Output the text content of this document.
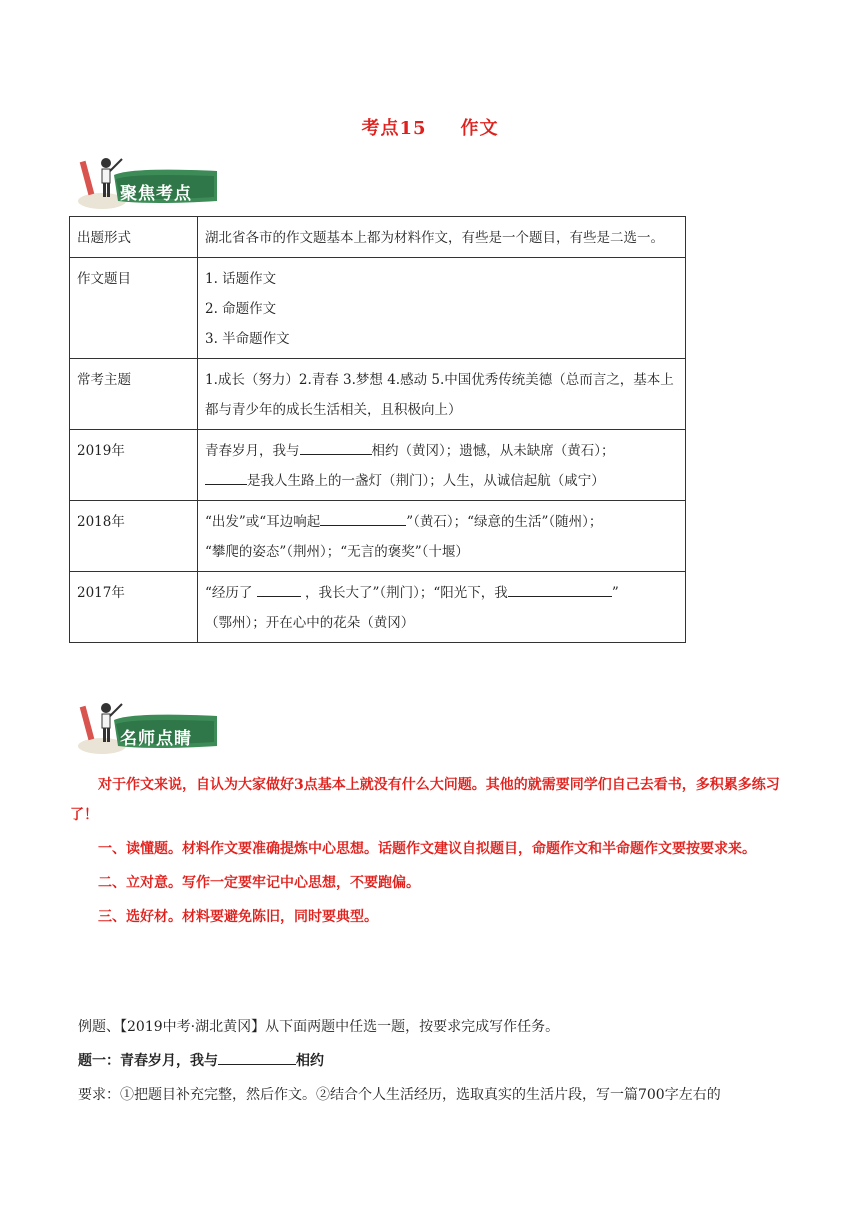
考点15 作文
聚焦考点
出题形式	湖北省各市的作文题基本上都为材料作文，有些是一个题目，有些是二选一。
作文题目	1. 话题作文
2. 命题作文
3. 半命题作文

常考主题	1.成长（努力）2.青春 3.梦想 4.感动 5.中国优秀传统美德（总而言之，基本上都与青少年的成长生活相关，且积极向上）
2019年	青春岁月，我与 相约（黄冈）；遗憾，从未缺席（黄石）；
是我人生路上的一盏灯（荆门）；人生，从诚信起航（咸宁）

2018年	“出发”或“耳边响起 ”（黄石）；“绿意的生活”（随州）；
“攀爬的姿态”（荆州）；“无言的褒奖”（十堰）

2017年	“经历了 ，我长大了”（荆门）；“阳光下，我 ”
（鄂州）；开在心中的花朵（黄冈）
名师点睛

对于作文来说，自认为大家做好3点基本上就没有什么大问题。其他的就需要同学们自己去看书，多积累多练习了！

一、读懂题。材料作文要准确提炼中心思想。话题作文建议自拟题目，命题作文和半命题作文要按要求来。

二、立对意。写作一定要牢记中心思想，不要跑偏。

三、选好材。材料要避免陈旧，同时要典型。

例题、【2019中考·湖北黄冈】从下面两题中任选一题，按要求完成写作任务。

题一：青春岁月，我与	相约

要求：①把题目补充完整，然后作文。②结合个人生活经历，选取真实的生活片段，写一篇700字左右的
